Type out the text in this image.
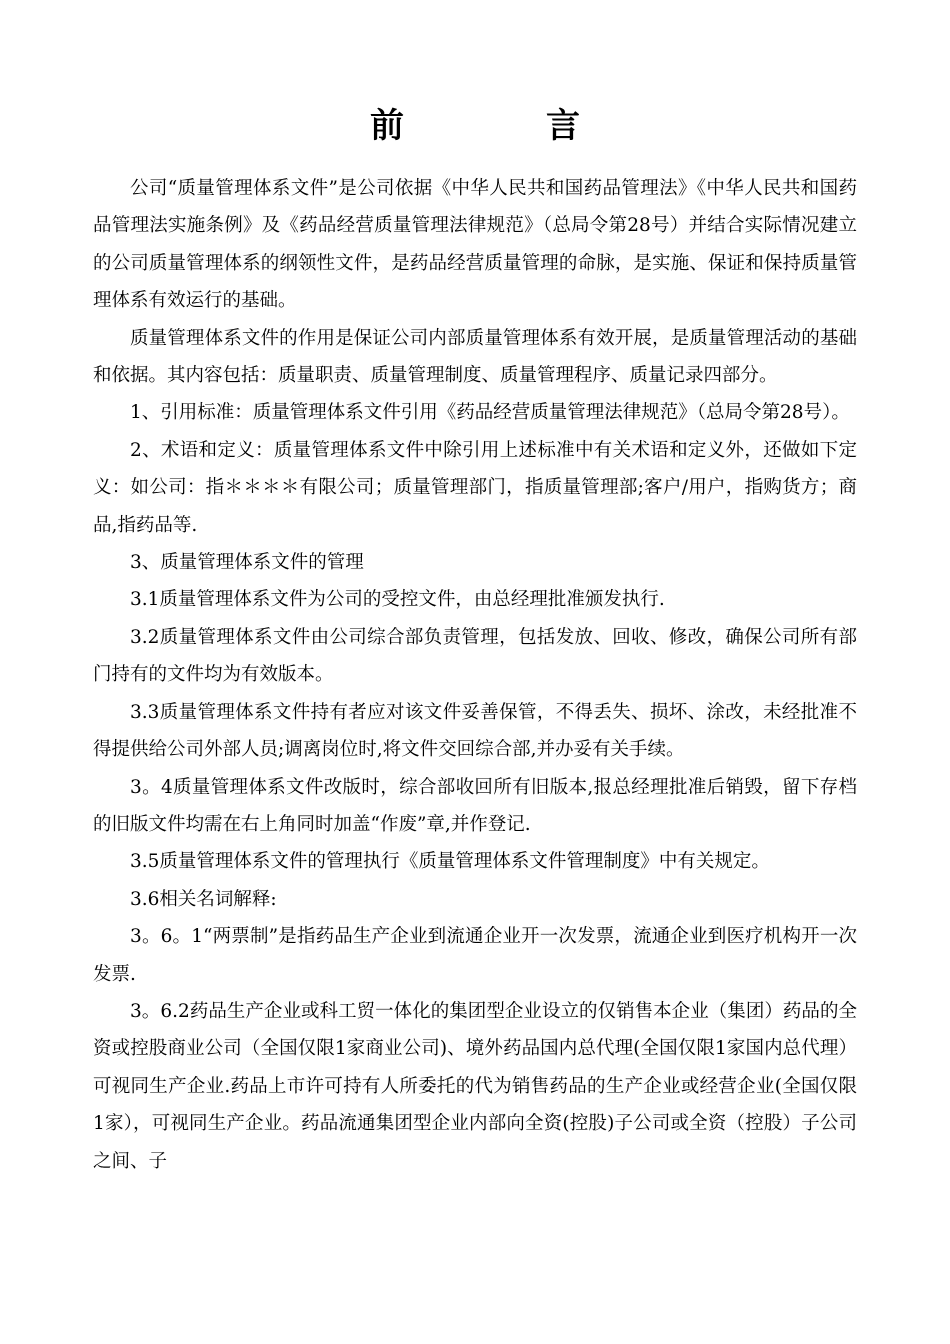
前　言

公司“质量管理体系文件”是公司依据《中华人民共和国药品管理法》《中华人民共和国药品管理法实施条例》及《药品经营质量管理法律规范》（总局令第28号）并结合实际情况建立的公司质量管理体系的纲领性文件，是药品经营质量管理的命脉，是实施、保证和保持质量管理体系有效运行的基础。

质量管理体系文件的作用是保证公司内部质量管理体系有效开展，是质量管理活动的基础和依据。其内容包括：质量职责、质量管理制度、质量管理程序、质量记录四部分。

1、引用标准：质量管理体系文件引用《药品经营质量管理法律规范》（总局令第28号）。

2、术语和定义：质量管理体系文件中除引用上述标准中有关术语和定义外，还做如下定义：如公司：指＊＊＊＊有限公司；质量管理部门，指质量管理部;客户/用户，指购货方；商品,指药品等.

3、质量管理体系文件的管理

3.1质量管理体系文件为公司的受控文件，由总经理批准颁发执行.

3.2质量管理体系文件由公司综合部负责管理，包括发放、回收、修改，确保公司所有部门持有的文件均为有效版本。

3.3质量管理体系文件持有者应对该文件妥善保管，不得丢失、损坏、涂改，未经批准不得提供给公司外部人员;调离岗位时,将文件交回综合部,并办妥有关手续。

3。4质量管理体系文件改版时，综合部收回所有旧版本,报总经理批准后销毁，留下存档的旧版文件均需在右上角同时加盖“作废”章,并作登记.

3.5质量管理体系文件的管理执行《质量管理体系文件管理制度》中有关规定。

3.6相关名词解释:

3。6。1“两票制”是指药品生产企业到流通企业开一次发票，流通企业到医疗机构开一次发票.

3。6.2药品生产企业或科工贸一体化的集团型企业设立的仅销售本企业（集团）药品的全资或控股商业公司（全国仅限1家商业公司)、境外药品国内总代理(全国仅限1家国内总代理）可视同生产企业.药品上市许可持有人所委托的代为销售药品的生产企业或经营企业(全国仅限1家），可视同生产企业。药品流通集团型企业内部向全资(控股)子公司或全资（控股）子公司之间、子
